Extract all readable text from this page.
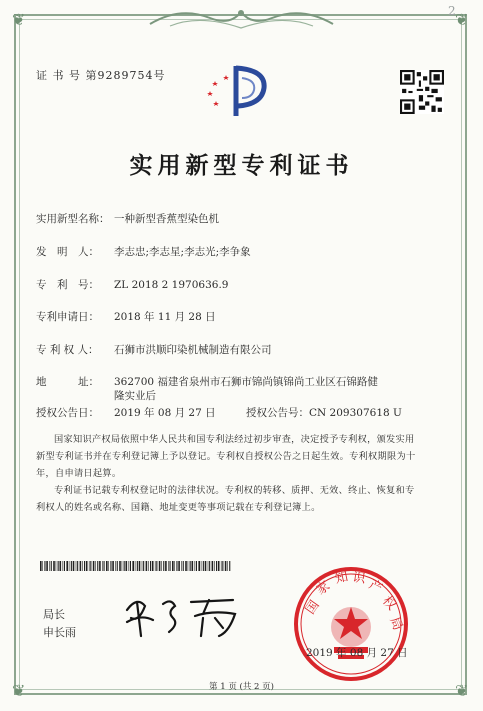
❦	❦
❦	❦
2
证 书 号 第9289754号
实用新型专利证书
实用新型名称： 一种新型香蕉型染色机
发　明　人： 李志忠;李志星;李志光;李争象
专　利　号： ZL 2018 2 1970636.9
专利申请日： 2018 年 11 月 28 日
专 利 权 人： 石狮市洪顺印染机械制造有限公司
地　　　址： 362700 福建省泉州市石狮市锦尚镇锦尚工业区石锦路健
隆实业后
授权公告日： 2019 年 08 月 27 日	授权公告号：CN 209307618 U
国家知识产权局依照中华人民共和国专利法经过初步审查，决定授予专利权，颁发实用
新型专利证书并在专利登记簿上予以登记。专利权自授权公告之日起生效。专利权期限为十
年，自申请日起算。
专利证书记载专利权登记时的法律状况。专利权的转移、质押、无效、终止、恢复和专
利权人的姓名或名称、国籍、地址变更等事项记载在专利登记簿上。
局长
申长雨
国
家
知 识 产
权
局
2019 年 08 月 27 日
第 1 页 (共 2 页)
